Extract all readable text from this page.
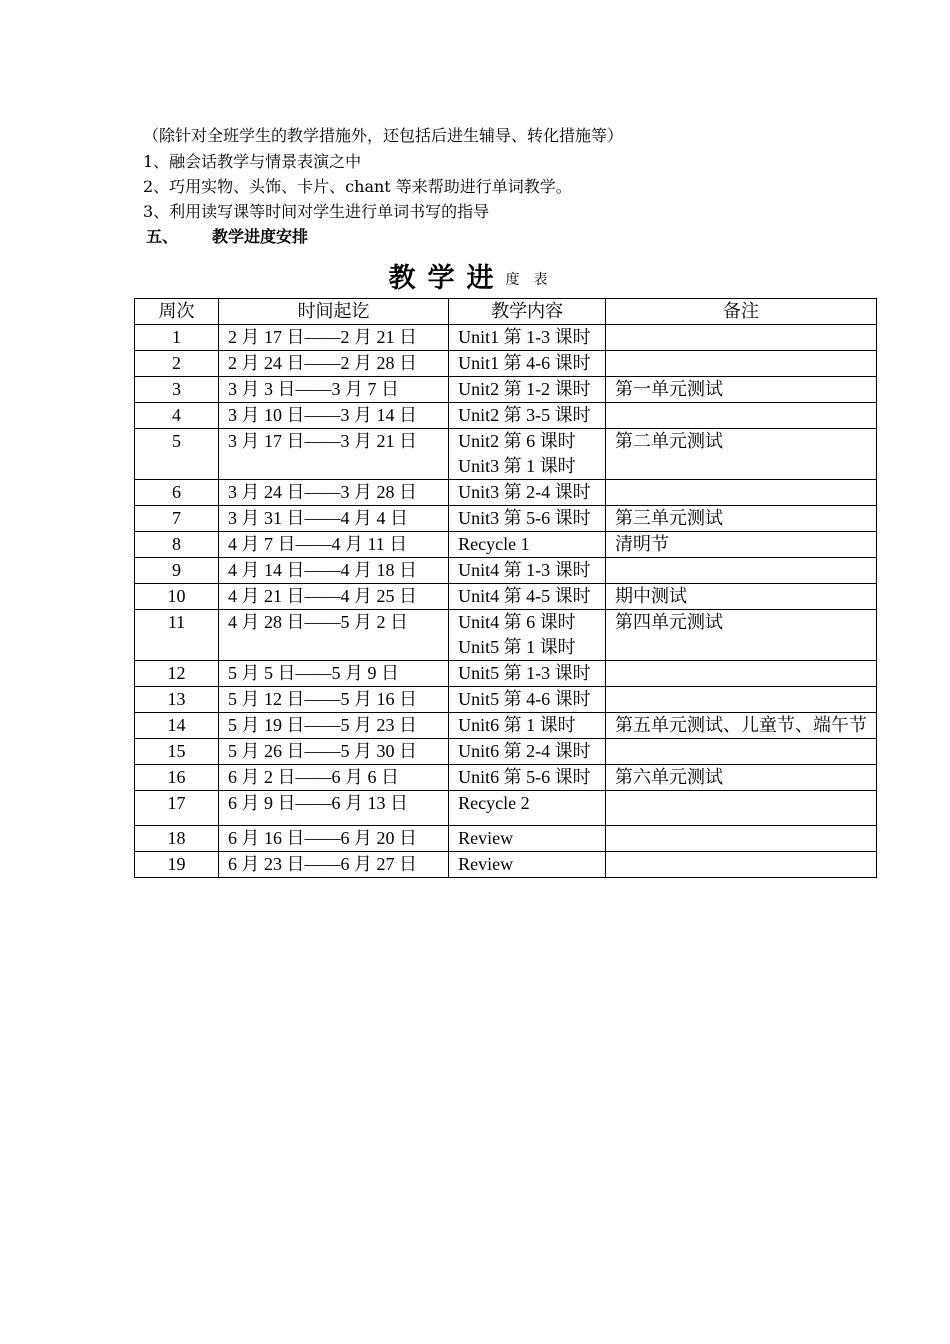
（除针对全班学生的教学措施外，还包括后进生辅导、转化措施等）
1、融会话教学与情景表演之中
2、巧用实物、头饰、卡片、chant 等来帮助进行单词教学。
3、利用读写课等时间对学生进行单词书写的指导
五、 教学进度安排
教学进度表
周次	时间起讫	教学内容	备注
1	2 月 17 日——2 月 21 日	Unit1 第 1-3 课时	

2	2 月 24 日——2 月 28 日	Unit1 第 4-6 课时	

3	3 月 3 日——3 月 7 日	Unit2 第 1-2 课时	第一单元测试
4	3 月 10 日——3 月 14 日	Unit2 第 3-5 课时	

5	3 月 17 日——3 月 21 日	Unit2 第 6 课时
Unit3 第 1 课时	第二单元测试
6	3 月 24 日——3 月 28 日	Unit3 第 2-4 课时	

7	3 月 31 日——4 月 4 日	Unit3 第 5-6 课时	第三单元测试
8	4 月 7 日——4 月 11 日	Recycle 1	清明节
9	4 月 14 日——4 月 18 日	Unit4 第 1-3 课时	

10	4 月 21 日——4 月 25 日	Unit4 第 4-5 课时	期中测试
11	4 月 28 日——5 月 2 日	Unit4 第 6 课时
Unit5 第 1 课时	第四单元测试
12	5 月 5 日——5 月 9 日	Unit5 第 1-3 课时	

13	5 月 12 日——5 月 16 日	Unit5 第 4-6 课时	

14	5 月 19 日——5 月 23 日	Unit6 第 1 课时	第五单元测试、儿童节、端午节
15	5 月 26 日——5 月 30 日	Unit6 第 2-4 课时	

16	6 月 2 日——6 月 6 日	Unit6 第 5-6 课时	第六单元测试
17	6 月 9 日——6 月 13 日	Recycle 2	

18	6 月 16 日——6 月 20 日	Review	

19	6 月 23 日——6 月 27 日	Review	
